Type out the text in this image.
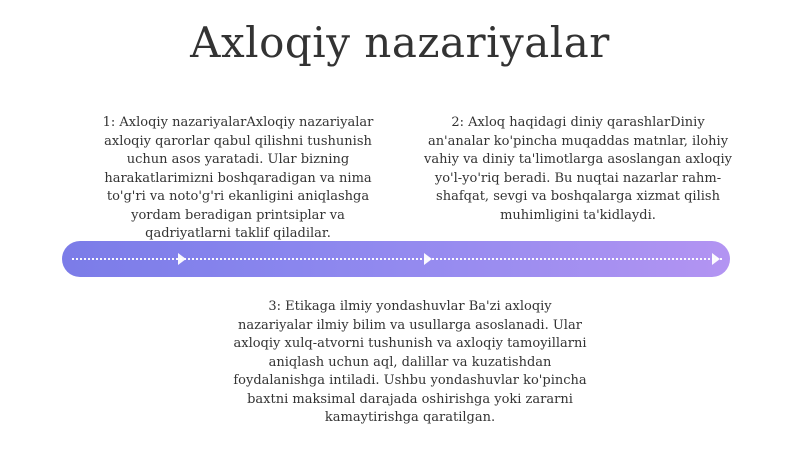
Axloqiy nazariyalar
1: Axloqiy nazariyalarAxloqiy nazariyalar axloqiy qarorlar qabul qilishni tushunish uchun asos yaratadi. Ular bizning harakatlarimizni boshqaradigan va nima to'g'ri va noto'g'ri ekanligini aniqlashga yordam beradigan printsiplar va qadriyatlarni taklif qiladilar.
2: Axloq haqidagi diniy qarashlarDiniy an'analar ko'pincha muqaddas matnlar, ilohiy vahiy va diniy ta'limotlarga asoslangan axloqiy yo'l-yo'riq beradi. Bu nuqtai nazarlar rahm-shafqat, sevgi va boshqalarga xizmat qilish muhimligini ta'kidlaydi.
3: Etikaga ilmiy yondashuvlar Ba'zi axloqiy nazariyalar ilmiy bilim va usullarga asoslanadi. Ular axloqiy xulq-atvorni tushunish va axloqiy tamoyillarni aniqlash uchun aql, dalillar va kuzatishdan foydalanishga intiladi. Ushbu yondashuvlar ko'pincha baxtni maksimal darajada oshirishga yoki zararni kamaytirishga qaratilgan.
